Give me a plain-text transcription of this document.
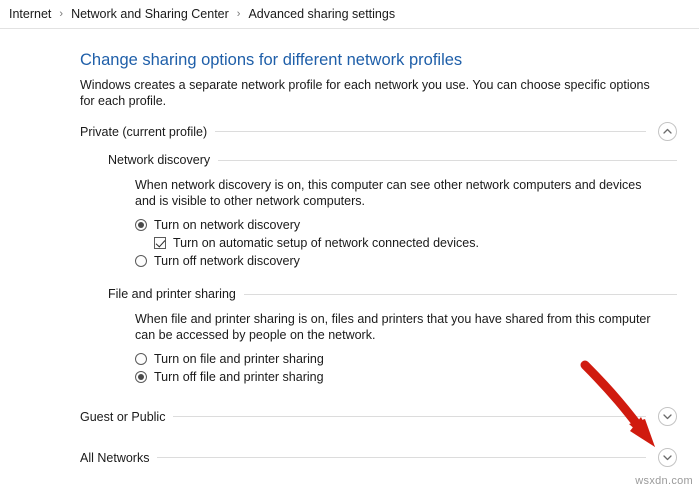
Internet › Network and Sharing Center › Advanced sharing settings
Change sharing options for different network profiles

Windows creates a separate network profile for each network you use. You can choose specific options for each profile.

Private (current profile)
Network discovery
When network discovery is on, this computer can see other network computers and devices and is visible to other network computers.
Turn on network discovery
Turn on automatic setup of network connected devices.
Turn off network discovery
File and printer sharing
When file and printer sharing is on, files and printers that you have shared from this computer can be accessed by people on the network.
Turn on file and printer sharing
Turn off file and printer sharing
Guest or Public
All Networks
wsxdn.com
